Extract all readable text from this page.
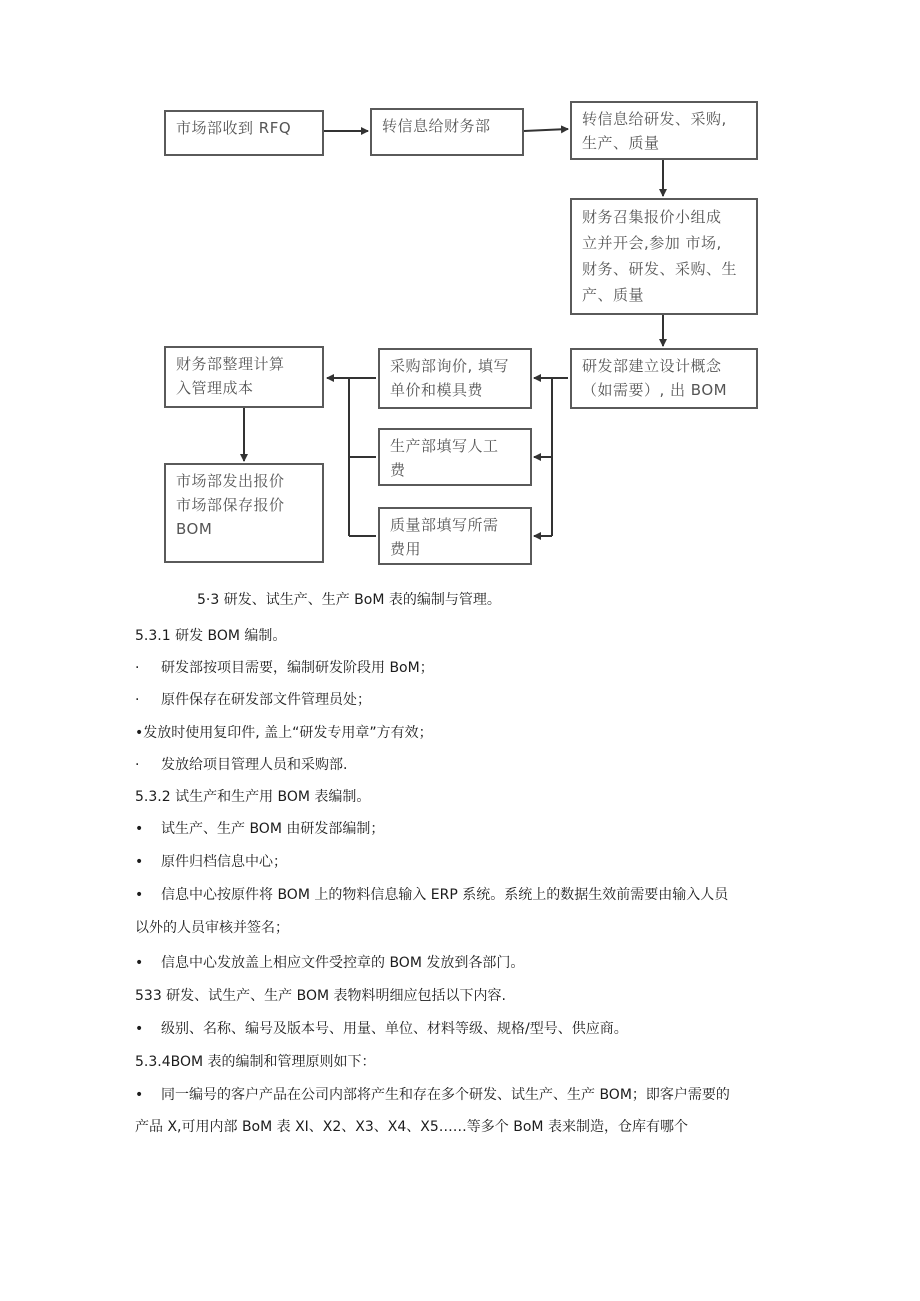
市场部收到 RFQ	转信息给财务部	转信息给研发、采购,
生产、质量
财务召集报价小组成
立并开会,参加 市场,
财务、研发、采购、生
产、质量
研发部建立设计概念
（如需要）, 出 BOM
采购部询价, 填写
单价和模具费
生产部填写人工
费
质量部填写所需
费用
财务部整理计算
入管理成本
市场部发出报价
市场部保存报价
BOM
5·3 研发、试生产、生产 BoM 表的编制与管理。
5.3.1 研发 BOM 编制。
· 研发部按项目需要，编制研发阶段用 BoM；
· 原件保存在研发部文件管理员处；
•发放时使用复印件, 盖上“研发专用章”方有效；
· 发放给项目管理人员和采购部.
5.3.2 试生产和生产用 BOM 表编制。
• 试生产、生产 BOM 由研发部编制；
• 原件归档信息中心；
• 信息中心按原件将 BOM 上的物料信息输入 ERP 系统。系统上的数据生效前需要由输入人员
以外的人员审核并签名；
• 信息中心发放盖上相应文件受控章的 BOM 发放到各部门。
533 研发、试生产、生产 BOM 表物料明细应包括以下内容.
• 级别、名称、编号及版本号、用量、单位、材料等级、规格/型号、供应商。
5.3.4BOM 表的编制和管理原则如下：
• 同一编号的客户产品在公司内部将产生和存在多个研发、试生产、生产 BOM；即客户需要的
产品 X,可用内部 BoM 表 XI、X2、X3、X4、X5……等多个 BoM 表来制造，仓库有哪个
